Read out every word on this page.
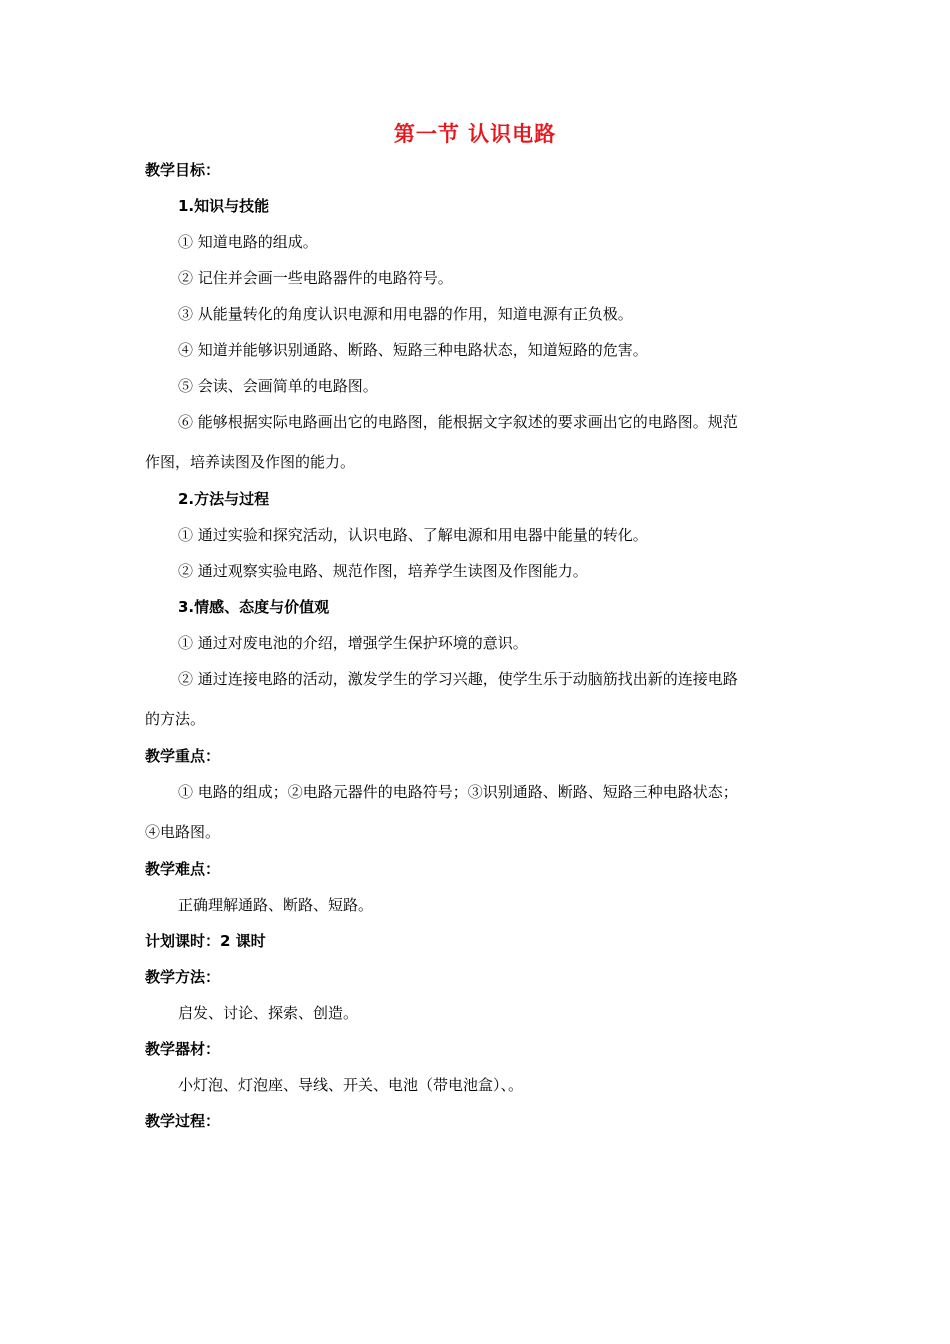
第一节 认识电路
教学目标：
1.知识与技能
① 知道电路的组成。
② 记住并会画一些电路器件的电路符号。
③ 从能量转化的角度认识电源和用电器的作用，知道电源有正负极。
④ 知道并能够识别通路、断路、短路三种电路状态，知道短路的危害。
⑤ 会读、会画简单的电路图。
⑥ 能够根据实际电路画出它的电路图，能根据文字叙述的要求画出它的电路图。规范
作图，培养读图及作图的能力。
2.方法与过程
① 通过实验和探究活动，认识电路、了解电源和用电器中能量的转化。
② 通过观察实验电路、规范作图，培养学生读图及作图能力。
3.情感、态度与价值观
① 通过对废电池的介绍，增强学生保护环境的意识。
② 通过连接电路的活动，激发学生的学习兴趣，使学生乐于动脑筋找出新的连接电路
的方法。
教学重点：
① 电路的组成；②电路元器件的电路符号；③识别通路、断路、短路三种电路状态；
④电路图。
教学难点：
正确理解通路、断路、短路。
计划课时：2 课时
教学方法：
启发、讨论、探索、创造。
教学器材：
小灯泡、灯泡座、导线、开关、电池（带电池盒）、。
教学过程：
